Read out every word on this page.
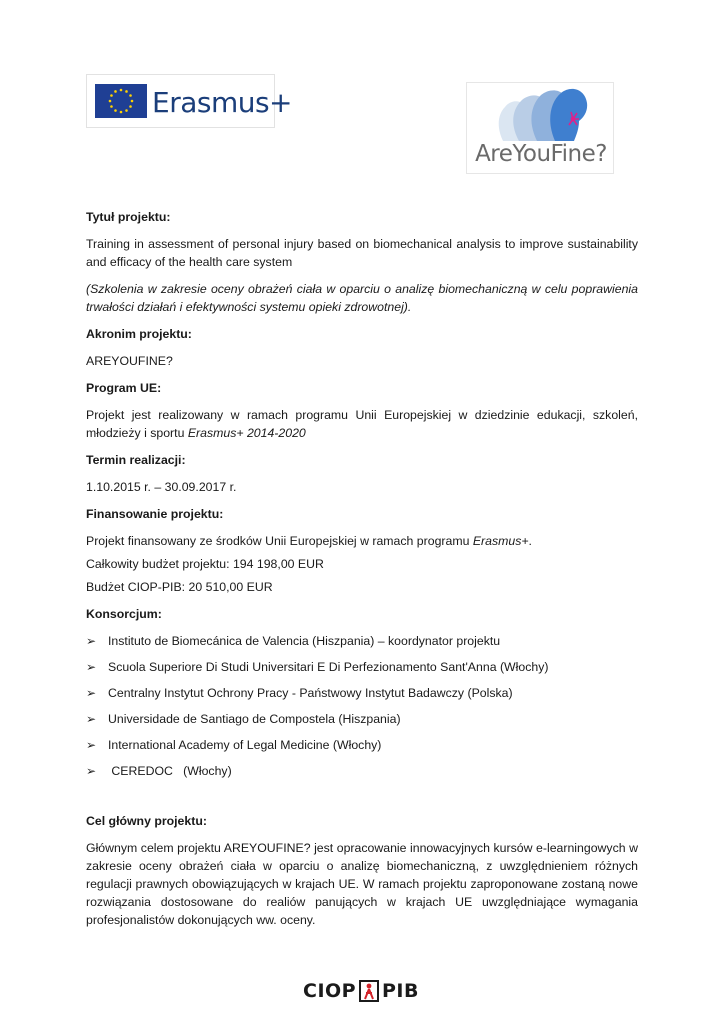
Erasmus+
AreYouFine?
Tytuł projektu:
Training in assessment of personal injury based on biomechanical analysis to improve sustainability and efficacy of the health care system
(Szkolenia w zakresie oceny obrażeń ciała w oparciu o analizę biomechaniczną w celu poprawienia trwałości działań i efektywności systemu opieki zdrowotnej).
Akronim projektu:
AREYOUFINE?
Program UE:
Projekt jest realizowany w ramach programu Unii Europejskiej w dziedzinie edukacji, szkoleń, młodzieży i sportu Erasmus+ 2014-2020
Termin realizacji:
1.10.2015 r. – 30.09.2017 r.
Finansowanie projektu:
Projekt finansowany ze środków Unii Europejskiej w ramach programu Erasmus+.
Całkowity budżet projektu: 194 198,00 EUR
Budżet CIOP-PIB: 20 510,00 EUR
Konsorcjum:
➢ Instituto de Biomecánica de Valencia (Hiszpania) – koordynator projektu
➢ Scuola Superiore Di Studi Universitari E Di Perfezionamento Sant'Anna (Włochy)
➢ Centralny Instytut Ochrony Pracy - Państwowy Instytut Badawczy (Polska)
➢ Universidade de Santiago de Compostela (Hiszpania)
➢ International Academy of Legal Medicine (Włochy)
➢ CEREDOC   (Włochy)
Cel główny projektu:
Głównym celem projektu AREYOUFINE? jest opracowanie innowacyjnych kursów e-learningowych w zakresie oceny obrażeń ciała w oparciu o analizę biomechaniczną, z uwzględnieniem różnych regulacji prawnych obowiązujących w krajach UE. W ramach projektu zaproponowane zostaną nowe rozwiązania dostosowane do realiów panujących w krajach UE uwzględniające wymagania profesjonalistów dokonujących ww. oceny.
CIOP PIB
